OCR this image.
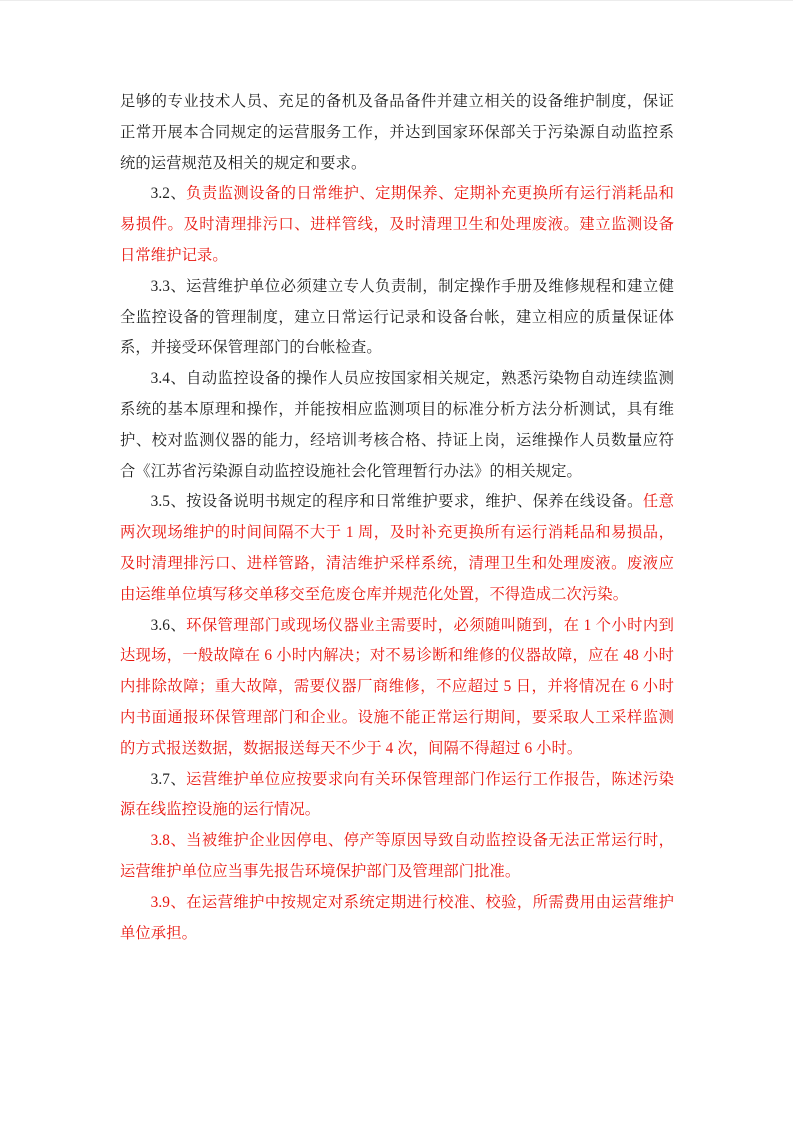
足够的专业技术人员、充足的备机及备品备件并建立相关的设备维护制度，保证正常开展本合同规定的运营服务工作，并达到国家环保部关于污染源自动监控系统的运营规范及相关的规定和要求。

3.2、负责监测设备的日常维护、定期保养、定期补充更换所有运行消耗品和易损件。及时清理排污口、进样管线，及时清理卫生和处理废液。建立监测设备日常维护记录。

3.3、运营维护单位必须建立专人负责制，制定操作手册及维修规程和建立健全监控设备的管理制度，建立日常运行记录和设备台帐，建立相应的质量保证体系，并接受环保管理部门的台帐检查。

3.4、自动监控设备的操作人员应按国家相关规定，熟悉污染物自动连续监测系统的基本原理和操作，并能按相应监测项目的标准分析方法分析测试，具有维护、校对监测仪器的能力，经培训考核合格、持证上岗，运维操作人员数量应符合《江苏省污染源自动监控设施社会化管理暂行办法》的相关规定。

3.5、按设备说明书规定的程序和日常维护要求，维护、保养在线设备。任意两次现场维护的时间间隔不大于 1 周，及时补充更换所有运行消耗品和易损品，及时清理排污口、进样管路，清洁维护采样系统，清理卫生和处理废液。废液应由运维单位填写移交单移交至危废仓库并规范化处置，不得造成二次污染。

3.6、环保管理部门或现场仪器业主需要时，必须随叫随到，在 1 个小时内到达现场，一般故障在 6 小时内解决；对不易诊断和维修的仪器故障，应在 48 小时内排除故障；重大故障，需要仪器厂商维修，不应超过 5 日，并将情况在 6 小时内书面通报环保管理部门和企业。设施不能正常运行期间，要采取人工采样监测的方式报送数据，数据报送每天不少于 4 次，间隔不得超过 6 小时。

3.7、运营维护单位应按要求向有关环保管理部门作运行工作报告，陈述污染源在线监控设施的运行情况。

3.8、当被维护企业因停电、停产等原因导致自动监控设备无法正常运行时，运营维护单位应当事先报告环境保护部门及管理部门批准。

3.9、在运营维护中按规定对系统定期进行校准、校验，所需费用由运营维护单位承担。
